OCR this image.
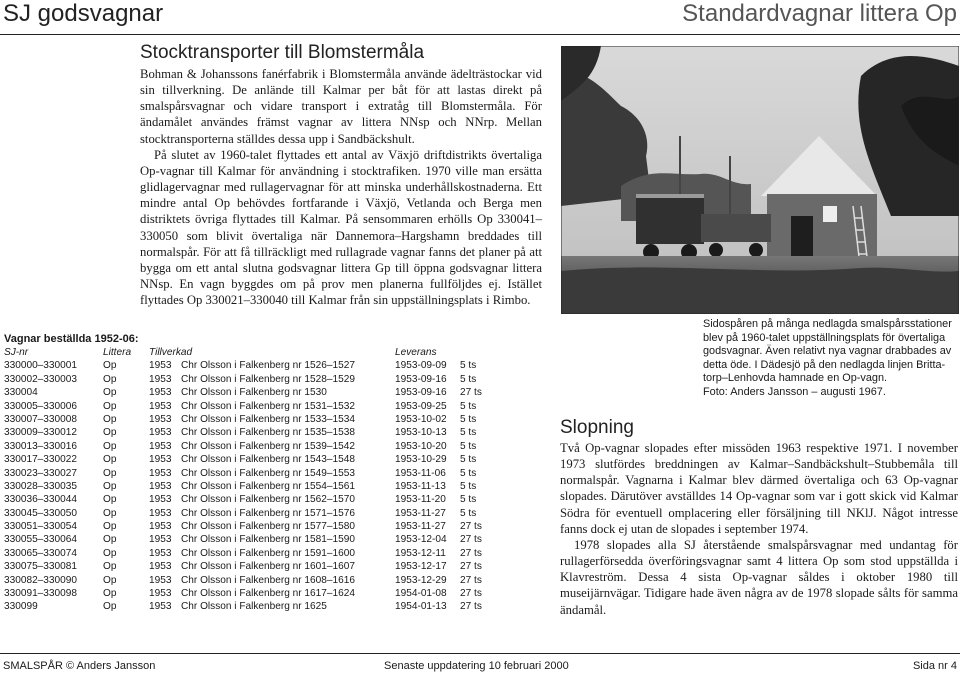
SJ godsvagnar	Standardvagnar littera Op
Stocktransporter till Blomstermåla

Bohman & Johanssons fanérfabrik i Blomstermåla använde ädelträstockar vid sin tillverkning. De anlände till Kalmar per båt för att lastas direkt på smalspårsvagnar och vidare transport i extratåg till Blomstermåla. För ändamålet användes främst vagnar av littera NNsp och NNrp. Mellan stocktransporterna ställdes dessa upp i Sandbäckshult.

På slutet av 1960-talet flyttades ett antal av Växjö driftdistrikts övertaliga Op-vagnar till Kalmar för användning i stocktrafiken. 1970 ville man ersätta glidlagervagnar med rullagervagnar för att minska underhållskostnaderna. Ett mindre antal Op behövdes fortfarande i Växjö, Vetlanda och Berga men distriktets övriga flyttades till Kalmar. På sensommaren erhölls Op 330041–330050 som blivit övertaliga när Dannemora–Hargshamn breddades till normalspår. För att få tillräckligt med rullagrade vagnar fanns det planer på att bygga om ett antal slutna godsvagnar littera Gp till öppna godsvagnar littera NNsp. En vagn byggdes om på prov men planerna fullföljdes ej. Istället flyttades Op 330021–330040 till Kalmar från sin uppställningsplats i Rimbo.

Sidospåren på många nedlagda smalspårsstationer
blev på 1960-talet uppställningsplats för övertaliga
godsvagnar. Även relativt nya vagnar drabbades av
detta öde. I Dädesjö på den nedlagda linjen Britta-
torp–Lenhovda hamnade en Op-vagn.
Foto: Anders Jansson – augusti 1967.
Slopning

Två Op-vagnar slopades efter missöden 1963 respektive 1971. I november 1973 slutfördes breddningen av Kalmar–Sandbäckshult–Stubbemåla till normalspår. Vagnarna i Kalmar blev därmed övertaliga och 63 Op-vagnar slopades. Därutöver avställdes 14 Op-vagnar som var i gott skick vid Kalmar Södra för eventuell omplacering eller försäljning till NKlJ. Något intresse fanns dock ej utan de slopades i september 1974.

1978 slopades alla SJ återstående smalspårsvagnar med undantag för rullagerförsedda överföringsvagnar samt 4 littera Op som stod uppställda i Klavreström. Dessa 4 sista Op-vagnar såldes i oktober 1980 till museijärnvägar. Tidigare hade även några av de 1978 slopade sålts för samma ändamål.

Vagnar beställda 1952-06:
SJ-nr	Littera Tillverkad	Leverans
330000–330001	Op	1953 Chr Olsson i Falkenberg nr 1526–1527	1953-09-09 5 ts
330002–330003	Op	1953 Chr Olsson i Falkenberg nr 1528–1529	1953-09-16 5 ts
330004	Op	1953 Chr Olsson i Falkenberg nr 1530	1953-09-16 27 ts
330005–330006	Op	1953 Chr Olsson i Falkenberg nr 1531–1532	1953-09-25 5 ts
330007–330008	Op	1953 Chr Olsson i Falkenberg nr 1533–1534	1953-10-02 5 ts
330009–330012	Op	1953 Chr Olsson i Falkenberg nr 1535–1538	1953-10-13 5 ts
330013–330016	Op	1953 Chr Olsson i Falkenberg nr 1539–1542	1953-10-20 5 ts
330017–330022	Op	1953 Chr Olsson i Falkenberg nr 1543–1548	1953-10-29 5 ts
330023–330027	Op	1953 Chr Olsson i Falkenberg nr 1549–1553	1953-11-06 5 ts
330028–330035	Op	1953 Chr Olsson i Falkenberg nr 1554–1561	1953-11-13 5 ts
330036–330044	Op	1953 Chr Olsson i Falkenberg nr 1562–1570	1953-11-20 5 ts
330045–330050	Op	1953 Chr Olsson i Falkenberg nr 1571–1576	1953-11-27 5 ts
330051–330054	Op	1953 Chr Olsson i Falkenberg nr 1577–1580	1953-11-27 27 ts
330055–330064	Op	1953 Chr Olsson i Falkenberg nr 1581–1590	1953-12-04 27 ts
330065–330074	Op	1953 Chr Olsson i Falkenberg nr 1591–1600	1953-12-11 27 ts
330075–330081	Op	1953 Chr Olsson i Falkenberg nr 1601–1607	1953-12-17 27 ts
330082–330090	Op	1953 Chr Olsson i Falkenberg nr 1608–1616	1953-12-29 27 ts
330091–330098	Op	1953 Chr Olsson i Falkenberg nr 1617–1624	1954-01-08 27 ts
330099	Op	1953 Chr Olsson i Falkenberg nr 1625	1954-01-13 27 ts
SMALSPÅR © Anders Jansson	Senaste uppdatering 10 februari 2000	Sida nr 4
